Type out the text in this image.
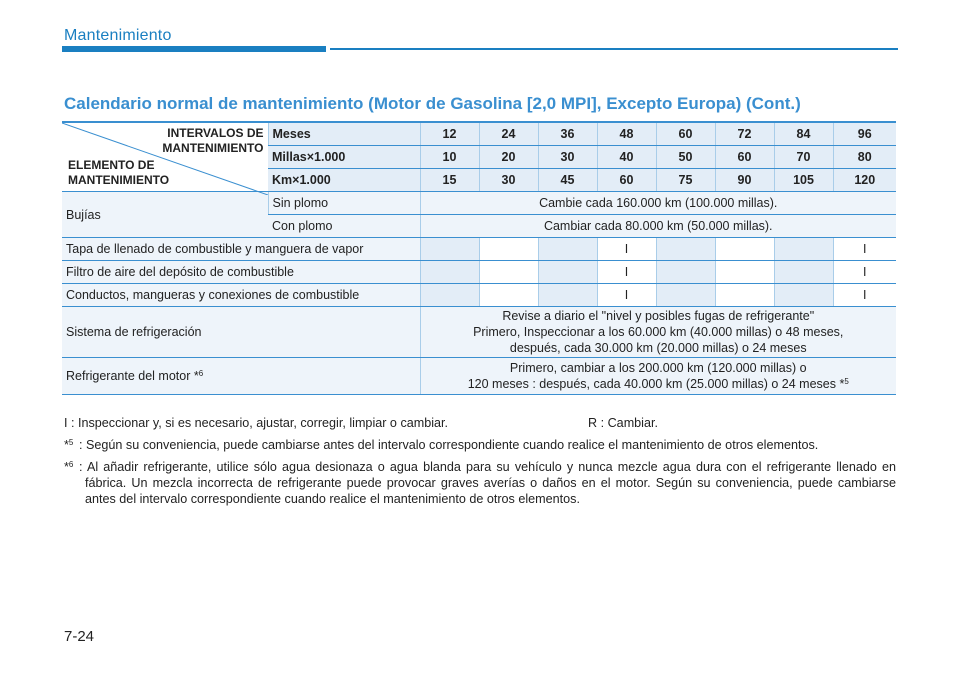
Mantenimiento
Calendario normal de mantenimiento (Motor de Gasolina [2,0 MPI], Excepto Europa) (Cont.)
INTERVALOS DE
MANTENIMIENTO
ELEMENTO DE
MANTENIMIENTO	Meses	12	24	36	48	60	72	84	96
	Millas×1.000	10	20	30	40	50	60	70	80
	Km×1.000	15	30	45	60	75	90	105	120
Bujías	Sin plomo	Cambie cada 160.000 km (100.000 millas).							
	Con plomo	Cambiar cada 80.000 km (50.000 millas).							
Tapa de llenado de combustible y manguera de vapor					I				I
Filtro de aire del depósito de combustible					I				I
Conductos, mangueras y conexiones de combustible					I				I
Sistema de refrigeración		Revise a diario el "nivel y posibles fugas de refrigerante"
Primero, Inspeccionar a los 60.000 km (40.000 millas) o 48 meses,
después, cada 30.000 km (20.000 millas) o 24 meses							

Refrigerante del motor *$^6$		Primero, cambiar a los 200.000 km (120.000 millas) o
120 meses : después, cada 40.000 km (25.000 millas) o 24 meses *$^5$
I : Inspeccionar y, si es necesario, ajustar, corregir, limpiar o cambiar.	R : Cambiar.
*$^5$ : Según su conveniencia, puede cambiarse antes del intervalo correspondiente cuando realice el mantenimiento de otros elementos.
*$^6$ : Al añadir refrigerante, utilice sólo agua desionaza o agua blanda para su vehículo y nunca mezcle agua dura con el refrigerante llenado en fábrica. Un mezcla incorrecta de refrigerante puede provocar graves averías o daños en el motor. Según su conveniencia, puede cambiarse antes del intervalo correspondiente cuando realice el mantenimiento de otros elementos.
7-24
